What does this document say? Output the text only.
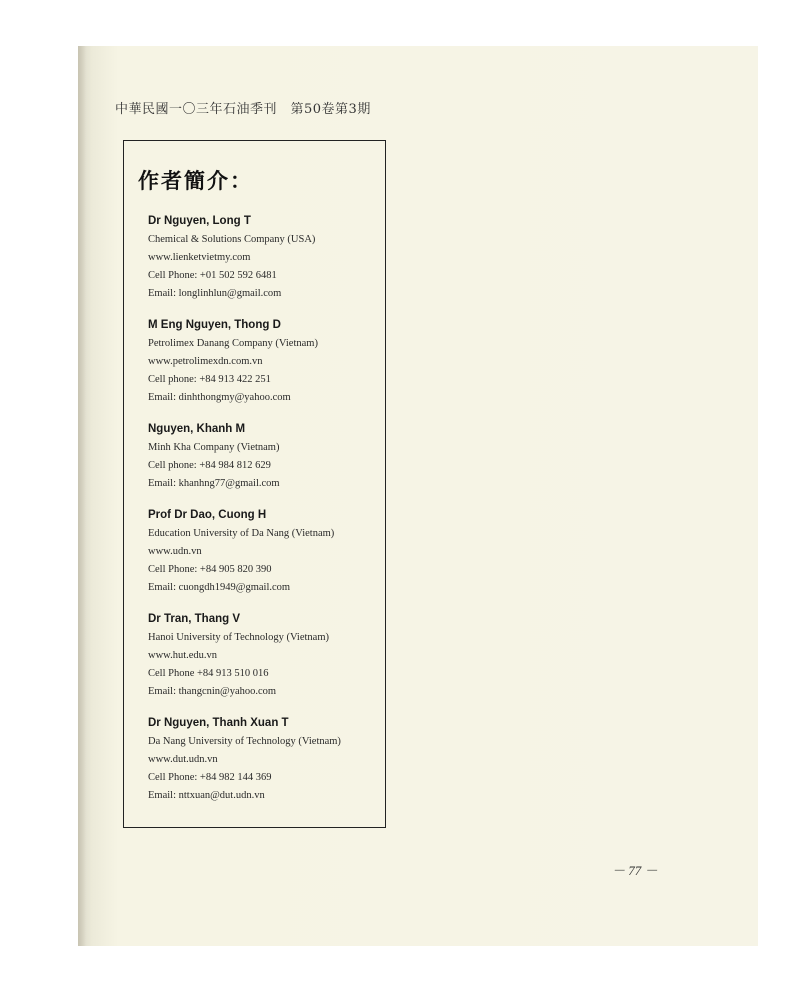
中華民國一〇三年石油季刊　第50卷第3期
作者簡介：
Dr Nguyen, Long T
Chemical & Solutions Company (USA)
www.lienketvietmy.com
Cell Phone: +01 502 592 6481
Email: longlinhlun@gmail.com
M Eng Nguyen, Thong D
Petrolimex Danang Company (Vietnam)
www.petrolimexdn.com.vn
Cell phone: +84 913 422 251
Email: dinhthongmy@yahoo.com
Nguyen, Khanh M
Minh Kha Company (Vietnam)
Cell phone: +84 984 812 629
Email: khanhng77@gmail.com
Prof Dr Dao, Cuong H
Education University of Da Nang (Vietnam)
www.udn.vn
Cell Phone: +84 905 820 390
Email: cuongdh1949@gmail.com
Dr Tran, Thang V
Hanoi University of Technology (Vietnam)
www.hut.edu.vn
Cell Phone +84 913 510 016
Email: thangcnin@yahoo.com
Dr Nguyen, Thanh Xuan T
Da Nang University of Technology (Vietnam)
www.dut.udn.vn
Cell Phone: +84 982 144 369
Email: nttxuan@dut.udn.vn
－ 77 －
